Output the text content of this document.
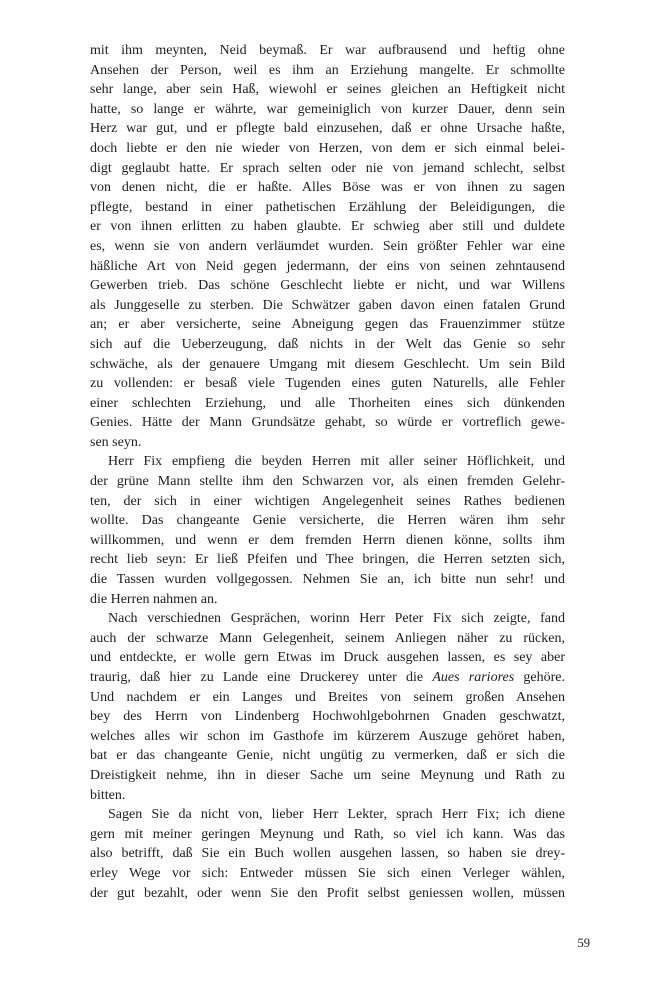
mit ihm meynten, Neid beymaß. Er war aufbrausend und heftig ohne
Ansehen der Person, weil es ihm an Erziehung mangelte. Er schmollte
sehr lange, aber sein Haß, wiewohl er seines gleichen an Heftigkeit nicht
hatte, so lange er währte, war gemeiniglich von kurzer Dauer, denn sein
Herz war gut, und er pflegte bald einzusehen, daß er ohne Ursache haßte,
doch liebte er den nie wieder von Herzen, von dem er sich einmal belei-
digt geglaubt hatte. Er sprach selten oder nie von jemand schlecht, selbst
von denen nicht, die er haßte. Alles Böse was er von ihnen zu sagen
pflegte, bestand in einer pathetischen Erzählung der Beleidigungen, die
er von ihnen erlitten zu haben glaubte. Er schwieg aber still und duldete
es, wenn sie von andern verläumdet wurden. Sein größter Fehler war eine
häßliche Art von Neid gegen jedermann, der eins von seinen zehntausend
Gewerben trieb. Das schöne Geschlecht liebte er nicht, und war Willens
als Junggeselle zu sterben. Die Schwätzer gaben davon einen fatalen Grund
an; er aber versicherte, seine Abneigung gegen das Frauenzimmer stütze
sich auf die Ueberzeugung, daß nichts in der Welt das Genie so sehr
schwäche, als der genauere Umgang mit diesem Geschlecht. Um sein Bild
zu vollenden: er besaß viele Tugenden eines guten Naturells, alle Fehler
einer schlechten Erziehung, und alle Thorheiten eines sich dünkenden
Genies. Hätte der Mann Grundsätze gehabt, so würde er vortreflich gewe-
sen seyn.
Herr Fix empfieng die beyden Herren mit aller seiner Höflichkeit, und
der grüne Mann stellte ihm den Schwarzen vor, als einen fremden Gelehr-
ten, der sich in einer wichtigen Angelegenheit seines Rathes bedienen
wollte. Das changeante Genie versicherte, die Herren wären ihm sehr
willkommen, und wenn er dem fremden Herrn dienen könne, sollts ihm
recht lieb seyn: Er ließ Pfeifen und Thee bringen, die Herren setzten sich,
die Tassen wurden vollgegossen. Nehmen Sie an, ich bitte nun sehr! und
die Herren nahmen an.
Nach verschiednen Gesprächen, worinn Herr Peter Fix sich zeigte, fand
auch der schwarze Mann Gelegenheit, seinem Anliegen näher zu rücken,
und entdeckte, er wolle gern Etwas im Druck ausgehen lassen, es sey aber
traurig, daß hier zu Lande eine Druckerey unter die Aues rariores gehöre.
Und nachdem er ein Langes und Breites von seinem großen Ansehen
bey des Herrn von Lindenberg Hochwohlgebohrnen Gnaden geschwatzt,
welches alles wir schon im Gasthofe im kürzerem Auszuge gehöret haben,
bat er das changeante Genie, nicht ungütig zu vermerken, daß er sich die
Dreistigkeit nehme, ihn in dieser Sache um seine Meynung und Rath zu
bitten.
Sagen Sie da nicht von, lieber Herr Lekter, sprach Herr Fix; ich diene
gern mit meiner geringen Meynung und Rath, so viel ich kann. Was das
also betrifft, daß Sie ein Buch wollen ausgehen lassen, so haben sie drey-
erley Wege vor sich: Entweder müssen Sie sich einen Verleger wählen,
der gut bezahlt, oder wenn Sie den Profit selbst geniessen wollen, müssen
59
